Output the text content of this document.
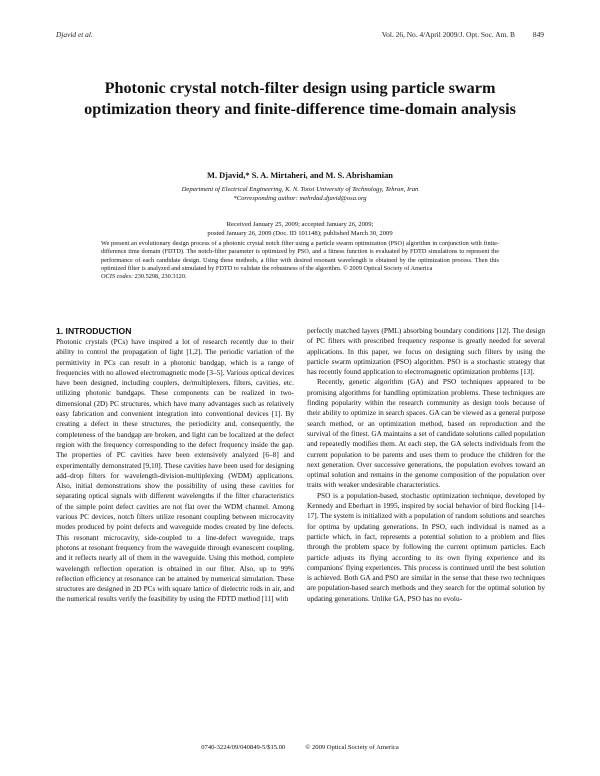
Djavid et al.	Vol. 26, No. 4/April 2009/J. Opt. Soc. Am. B 849
Photonic crystal notch-filter design using particle swarm optimization theory and finite-difference time-domain analysis
M. Djavid,* S. A. Mirtaheri, and M. S. Abrishamian
Department of Electrical Engineering, K. N. Toosi University of Technology, Tehran, Iran
*Corresponding author: mehrdad.djavid@osa.org
Received January 25, 2009; accepted January 26, 2009;
posted January 26, 2009 (Doc. ID 101148); published March 30, 2009

We present an evolutionary design process of a photonic crystal notch filter using a particle swarm optimization (PSO) algorithm in conjunction with finite-difference time domain (FDTD). The notch-filter parameter is optimized by PSO, and a fitness function is evaluated by FDTD simulations to represent the performance of each candidate design. Using these methods, a filter with desired resonant wavelength is obtained by the optimization process. Then this optimized filter is analyzed and simulated by FDTD to validate the robustness of the algorithm. © 2009 Optical Society of America

OCIS codes: 230.5298, 230.3120.

1. INTRODUCTION

Photonic crystals (PCs) have inspired a lot of research recently due to their ability to control the propagation of light [1,2]. The periodic variation of the permittivity in PCs can result in a photonic bandgap, which is a range of frequencies with no allowed electromagnetic mode [3–5]. Various optical devices have been designed, including couplers, de/multiplexers, filters, cavities, etc. utilizing photonic bandgaps. These components can be realized in two-dimensional (2D) PC structures, which have many advantages such as relatively easy fabrication and convenient integration into conventional devices [1]. By creating a defect in these structures, the periodicity and, consequently, the completeness of the bandgap are broken, and light can be localized at the defect region with the frequency corresponding to the defect frequency inside the gap. The properties of PC cavities have been extensively analyzed [6–8] and experimentally demonstrated [9,10]. These cavities have been used for designing add–drop filters for wavelength-division-multiplexing (WDM) applications. Also, initial demonstrations show the possibility of using these cavities for separating optical signals with different wavelengths if the filter characteristics of the simple point defect cavities are not flat over the WDM channel. Among various PC devices, notch filters utilize resonant coupling between microcavity modes produced by point defects and waveguide modes created by line defects. This resonant microcavity, side-coupled to a line-defect waveguide, traps photons at resonant frequency from the waveguide through evanescent coupling, and it reflects nearly all of them in the waveguide. Using this method, complete wavelength reflection operation is obtained in our filter. Also, up to 99% reflection efficiency at resonance can be attained by numerical simulation. These structures are designed in 2D PCs with square lattice of dielectric rods in air, and the numerical results verify the feasibility by using the FDTD method [11] with

perfectly matched layers (PML) absorbing boundary conditions [12]. The design of PC filters with prescribed frequency response is greatly needed for several applications. In this paper, we focus on designing such filters by using the particle swarm optimization (PSO) algorithm. PSO is a stochastic strategy that has recently found application to electromagnetic optimization problems [13].

Recently, genetic algorithm (GA) and PSO techniques appeared to be promising algorithms for handling optimization problems. These techniques are finding popularity within the research community as design tools because of their ability to optimize in search spaces. GA can be viewed as a general purpose search method, or an optimization method, based on reproduction and the survival of the fittest. GA maintains a set of candidate solutions called population and repeatedly modifies them. At each step, the GA selects individuals from the current population to be parents and uses them to produce the children for the next generation. Over successive generations, the population evolves toward an optimal solution and remains in the genome composition of the population over traits with weaker undesirable characteristics.

PSO is a population-based, stochastic optimization technique, developed by Kennedy and Eberhart in 1995, inspired by social behavior of bird flocking [14–17]. The system is initialized with a population of random solutions and searches for optima by updating generations. In PSO, each individual is named as a particle which, in fact, represents a potential solution to a problem and flies through the problem space by following the current optimum particles. Each particle adjusts its flying according to its own flying experience and its companions' flying experiences. This process is continued until the best solution is achieved. Both GA and PSO are similar in the sense that these two techniques are population-based search methods and they search for the optimal solution by updating generations. Unlike GA, PSO has no evolu-

0740-3224/09/040849-5/$15.00	© 2009 Optical Society of America
